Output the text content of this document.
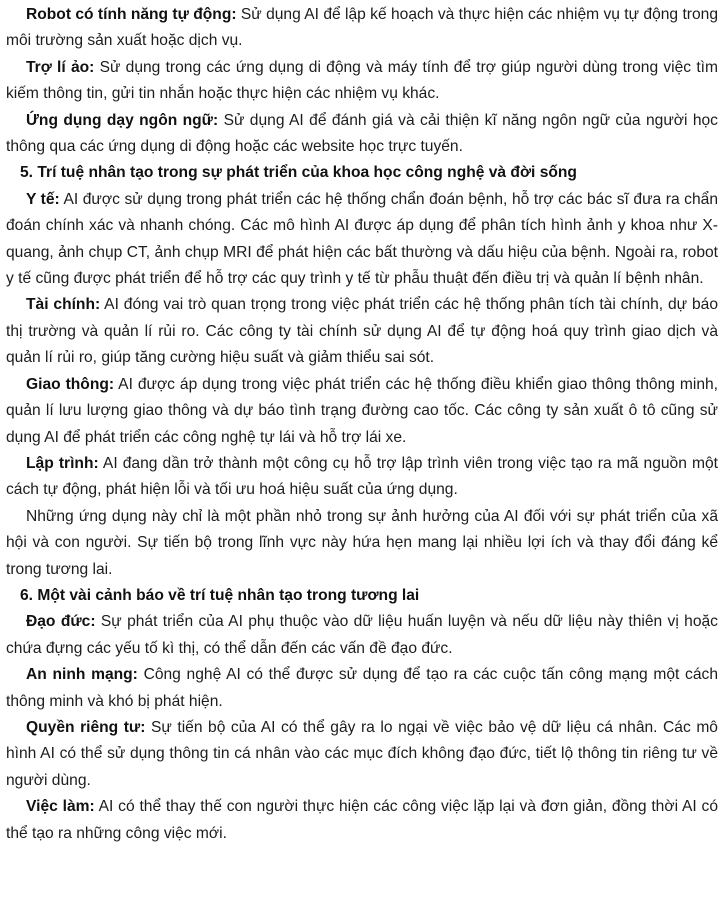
Robot có tính năng tự động: Sử dụng AI để lập kế hoạch và thực hiện các nhiệm vụ tự động trong môi trường sản xuất hoặc dịch vụ.

Trợ lí ảo: Sử dụng trong các ứng dụng di động và máy tính để trợ giúp người dùng trong việc tìm kiếm thông tin, gửi tin nhắn hoặc thực hiện các nhiệm vụ khác.

Ứng dụng dạy ngôn ngữ: Sử dụng AI để đánh giá và cải thiện kĩ năng ngôn ngữ của người học thông qua các ứng dụng di động hoặc các website học trực tuyến.

5. Trí tuệ nhân tạo trong sự phát triển của khoa học công nghệ và đời sống

Y tế: AI được sử dụng trong phát triển các hệ thống chẩn đoán bệnh, hỗ trợ các bác sĩ đưa ra chẩn đoán chính xác và nhanh chóng. Các mô hình AI được áp dụng để phân tích hình ảnh y khoa như X-quang, ảnh chụp CT, ảnh chụp MRI để phát hiện các bất thường và dấu hiệu của bệnh. Ngoài ra, robot y tế cũng được phát triển để hỗ trợ các quy trình y tế từ phẫu thuật đến điều trị và quản lí bệnh nhân.

Tài chính: AI đóng vai trò quan trọng trong việc phát triển các hệ thống phân tích tài chính, dự báo thị trường và quản lí rủi ro. Các công ty tài chính sử dụng AI để tự động hoá quy trình giao dịch và quản lí rủi ro, giúp tăng cường hiệu suất và giảm thiểu sai sót.

Giao thông: AI được áp dụng trong việc phát triển các hệ thống điều khiển giao thông thông minh, quản lí lưu lượng giao thông và dự báo tình trạng đường cao tốc. Các công ty sản xuất ô tô cũng sử dụng AI để phát triển các công nghệ tự lái và hỗ trợ lái xe.

Lập trình: AI đang dần trở thành một công cụ hỗ trợ lập trình viên trong việc tạo ra mã nguồn một cách tự động, phát hiện lỗi và tối ưu hoá hiệu suất của ứng dụng.

Những ứng dụng này chỉ là một phần nhỏ trong sự ảnh hưởng của AI đối với sự phát triển của xã hội và con người. Sự tiến bộ trong lĩnh vực này hứa hẹn mang lại nhiều lợi ích và thay đổi đáng kể trong tương lai.

6. Một vài cảnh báo về trí tuệ nhân tạo trong tương lai

Đạo đức: Sự phát triển của AI phụ thuộc vào dữ liệu huấn luyện và nếu dữ liệu này thiên vị hoặc chứa đựng các yếu tố kì thị, có thể dẫn đến các vấn đề đạo đức.

An ninh mạng: Công nghệ AI có thể được sử dụng để tạo ra các cuộc tấn công mạng một cách thông minh và khó bị phát hiện.

Quyền riêng tư: Sự tiến bộ của AI có thể gây ra lo ngại về việc bảo vệ dữ liệu cá nhân. Các mô hình AI có thể sử dụng thông tin cá nhân vào các mục đích không đạo đức, tiết lộ thông tin riêng tư về người dùng.

Việc làm: AI có thể thay thế con người thực hiện các công việc lặp lại và đơn giản, đồng thời AI có thể tạo ra những công việc mới.
